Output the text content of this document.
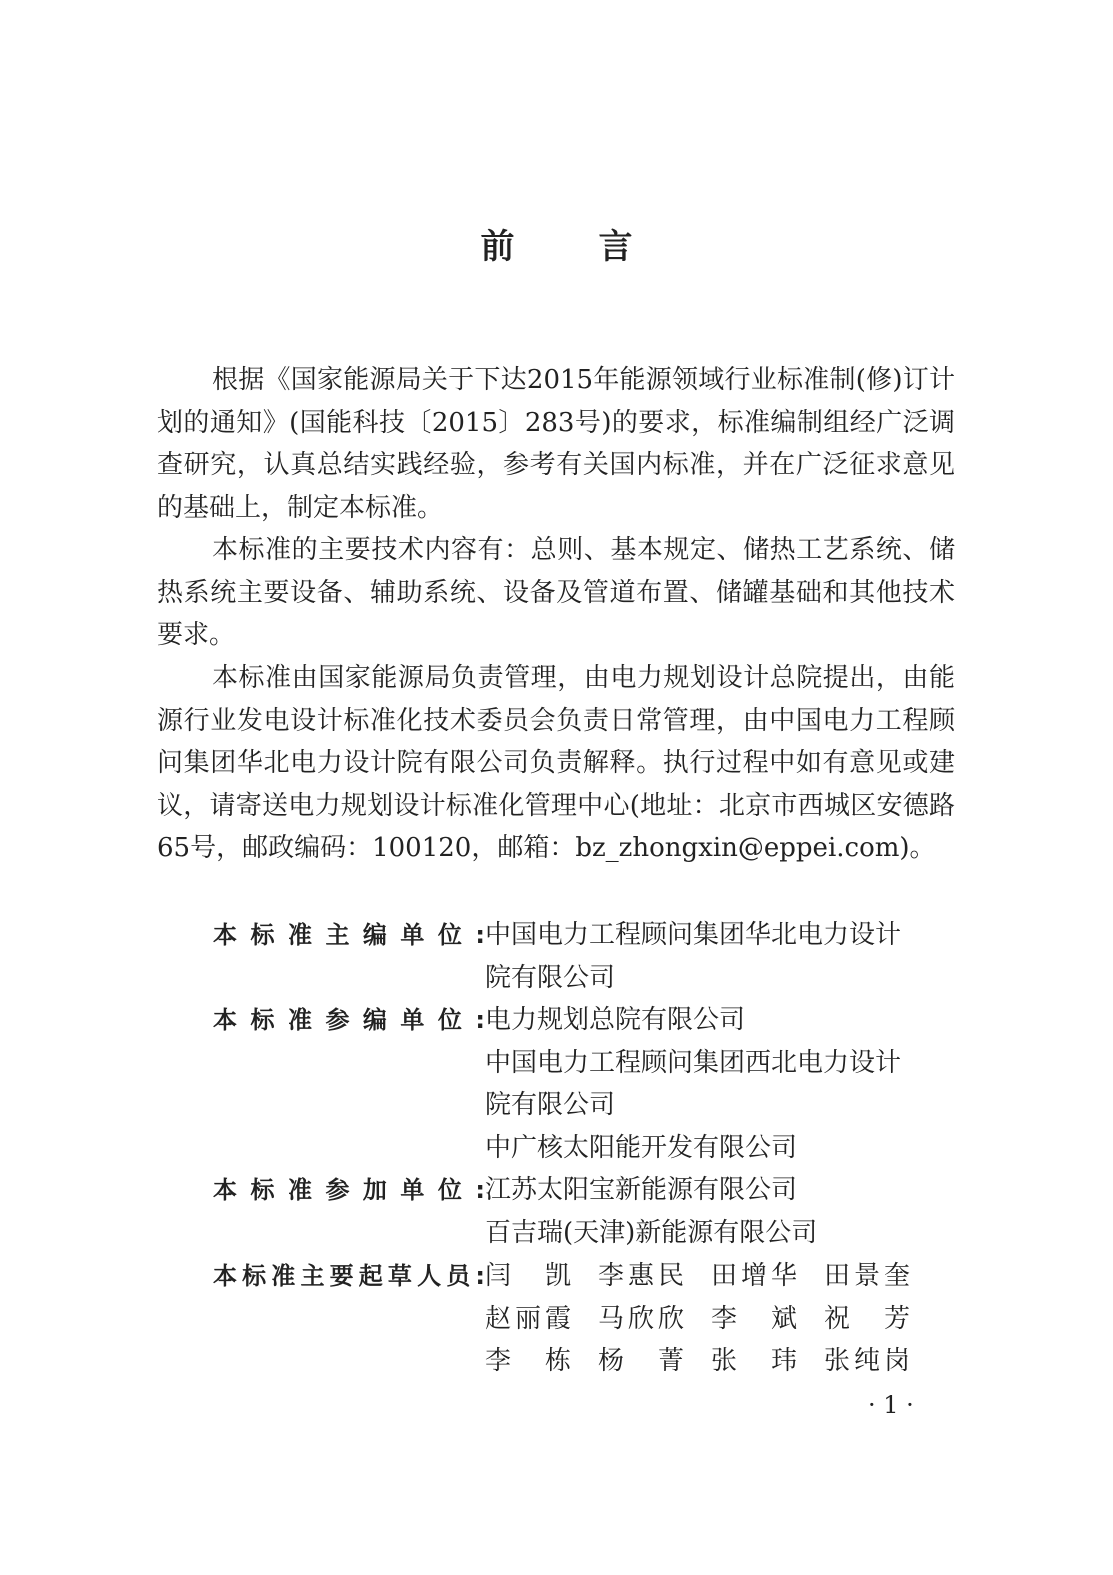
前言

根据《国家能源局关于下达2015年能源领域行业标准制(修)订计划的通知》(国能科技〔2015〕283号)的要求，标准编制组经广泛调查研究，认真总结实践经验，参考有关国内标准，并在广泛征求意见的基础上，制定本标准。

本标准的主要技术内容有：总则、基本规定、储热工艺系统、储热系统主要设备、辅助系统、设备及管道布置、储罐基础和其他技术要求。

本标准由国家能源局负责管理，由电力规划设计总院提出，由能源行业发电设计标准化技术委员会负责日常管理，由中国电力工程顾问集团华北电力设计院有限公司负责解释。执行过程中如有意见或建议，请寄送电力规划设计标准化管理中心(地址：北京市西城区安德路65号，邮政编码：100120，邮箱：bz_zhongxin@eppei.com)。

本标准主编单位: 中国电力工程顾问集团华北电力设计
院有限公司
本标准参编单位: 电力规划总院有限公司
中国电力工程顾问集团西北电力设计
院有限公司
中广核太阳能开发有限公司
本标准参加单位: 江苏太阳宝新能源有限公司
百吉瑞(天津)新能源有限公司
本标准主要起草人员: 闫凯 李惠民 田增华 田景奎
赵丽霞 马欣欣 李斌 祝芳
李栋 杨菁 张玮 张纯岗
· 1 ·
